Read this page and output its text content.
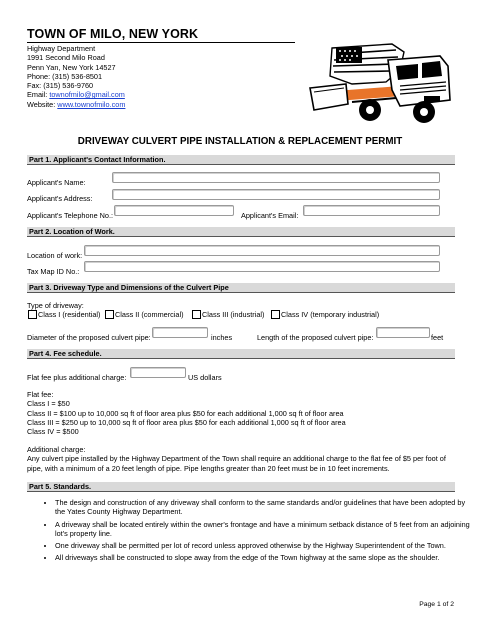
TOWN OF MILO, NEW YORK
Highway Department
1991 Second Milo Road
Penn Yan, New York 14527
Phone: (315) 536-8501
Fax: (315) 536-9760
Email: townofmilo@gmail.com
Website: www.townofmilo.com
DRIVEWAY CULVERT PIPE INSTALLATION & REPLACEMENT PERMIT
Part 1. Applicant's Contact Information.
Applicant's Name:
Applicant's Address:
Applicant's Telephone No.:	Applicant's Email:
Part 2. Location of Work.
Location of work:
Tax Map ID No.:
Part 3. Driveway Type and Dimensions of the Culvert Pipe
Type of driveway:
Class I (residential) Class II (commercial)	Class III (industrial) Class IV (temporary industrial)
Diameter of the proposed culvert pipe:	inches	Length of the proposed culvert pipe:	feet
Part 4. Fee schedule.
Flat fee plus additional charge:	US dollars
Flat fee:
Class I = $50
Class II = $100 up to 10,000 sq ft of floor area plus $50 for each additional 1,000 sq ft of floor area
Class III = $250 up to 10,000 sq ft of floor area plus $50 for each additional 1,000 sq ft of floor area
Class IV = $500
Additional charge:
Any culvert pipe installed by the Highway Department of the Town shall require an additional charge to the flat fee of $5 per foot of pipe, with a minimum of a 20 feet length of pipe. Pipe lengths greater than 20 feet must be in 10 feet increments.
Part 5. Standards.
• The design and construction of any driveway shall conform to the same standards and/or guidelines that have been adopted by the Yates County Highway Department.
• A driveway shall be located entirely within the owner's frontage and have a minimum setback distance of 5 feet from an adjoining lot's property line.
• One driveway shall be permitted per lot of record unless approved otherwise by the Highway Superintendent of the Town.
• All driveways shall be constructed to slope away from the edge of the Town highway at the same slope as the shoulder.
Page 1 of 2
